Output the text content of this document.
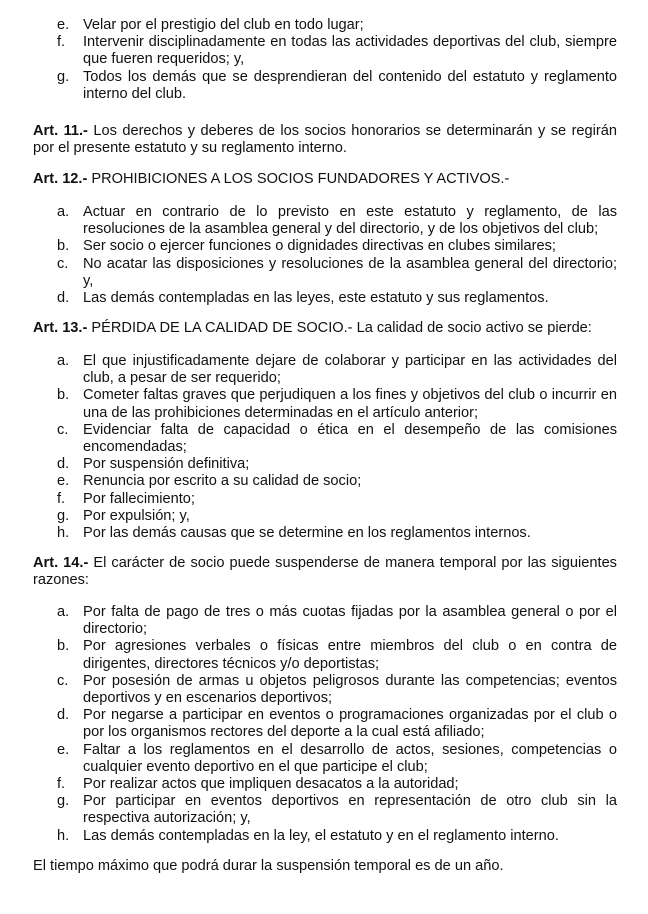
e. Velar por el prestigio del club en todo lugar;
f. Intervenir disciplinadamente en todas las actividades deportivas del club, siempre que fueren requeridos; y,
g. Todos los demás que se desprendieran del contenido del estatuto y reglamento interno del club.
Art. 11.- Los derechos y deberes de los socios honorarios se determinarán y se regirán por el presente estatuto y su reglamento interno.
Art. 12.- PROHIBICIONES A LOS SOCIOS FUNDADORES Y ACTIVOS.-
a. Actuar en contrario de lo previsto en este estatuto y reglamento, de las resoluciones de la asamblea general y del directorio, y de los objetivos del club;
b. Ser socio o ejercer funciones o dignidades directivas en clubes similares;
c. No acatar las disposiciones y resoluciones de la asamblea general del directorio; y,
d. Las demás contempladas en las leyes, este estatuto y sus reglamentos.
Art. 13.- PÉRDIDA DE LA CALIDAD DE SOCIO.- La calidad de socio activo se pierde:
a. El que injustificadamente dejare de colaborar y participar en las actividades del club, a pesar de ser requerido;
b. Cometer faltas graves que perjudiquen a los fines y objetivos del club o incurrir en una de las prohibiciones determinadas en el artículo anterior;
c. Evidenciar falta de capacidad o ética en el desempeño de las comisiones encomendadas;
d. Por suspensión definitiva;
e. Renuncia por escrito a su calidad de socio;
f. Por fallecimiento;
g. Por expulsión; y,
h. Por las demás causas que se determine en los reglamentos internos.
Art. 14.- El carácter de socio puede suspenderse de manera temporal por las siguientes razones:
a. Por falta de pago de tres o más cuotas fijadas por la asamblea general o por el directorio;
b. Por agresiones verbales o físicas entre miembros del club o en contra de dirigentes, directores técnicos y/o deportistas;
c. Por posesión de armas u objetos peligrosos durante las competencias; eventos deportivos y en escenarios deportivos;
d. Por negarse a participar en eventos o programaciones organizadas por el club o por los organismos rectores del deporte a la cual está afiliado;
e. Faltar a los reglamentos en el desarrollo de actos, sesiones, competencias o cualquier evento deportivo en el que participe el club;
f. Por realizar actos que impliquen desacatos a la autoridad;
g. Por participar en eventos deportivos en representación de otro club sin la respectiva autorización; y,
h. Las demás contempladas en la ley, el estatuto y en el reglamento interno.
El tiempo máximo que podrá durar la suspensión temporal es de un año.
